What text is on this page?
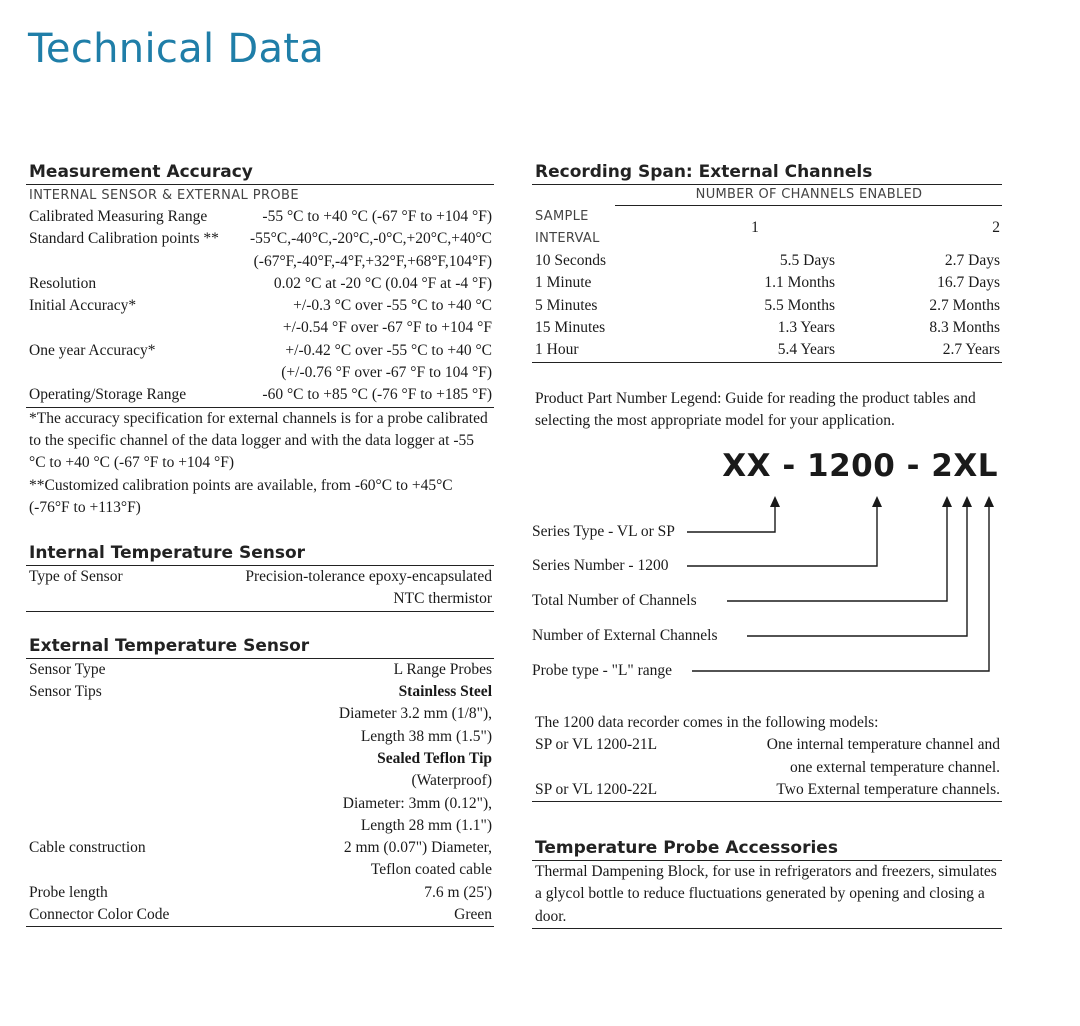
Technical Data
Measurement Accuracy
INTERNAL SENSOR & EXTERNAL PROBE
Calibrated Measuring Range	-55 °C to +40 °C (-67 °F to +104 °F)
Standard Calibration points ** -55°C,-40°C,-20°C,-0°C,+20°C,+40°C
(-67°F,-40°F,-4°F,+32°F,+68°F,104°F)
Resolution	0.02 °C at -20 °C (0.04 °F at -4 °F)
Initial Accuracy*	+/-0.3 °C over -55 °C to +40 °C
+/-0.54 °F over -67 °F to +104 °F
One year Accuracy*	+/-0.42 °C over -55 °C to +40 °C
(+/-0.76 °F over -67 °F to 104 °F)
Operating/Storage Range	-60 °C to +85 °C (-76 °F to +185 °F)
*The accuracy specification for external channels is for a probe calibrated to the specific channel of the data logger and with the data logger at -55 °C to +40 °C (-67 °F to +104 °F)
**Customized calibration points are available, from -60°C to +45°C (-76°F to +113°F)
Internal Temperature Sensor
Type of Sensor	Precision-tolerance epoxy-encapsulated
NTC thermistor
External Temperature Sensor
Sensor Type	L Range Probes
Sensor Tips	Stainless Steel
Diameter 3.2 mm (1/8"),
Length 38 mm (1.5")
Sealed Teflon Tip
(Waterproof)
Diameter: 3mm (0.12"),
Length 28 mm (1.1")
Cable construction	2 mm (0.07") Diameter,
Teflon coated cable
Probe length	7.6 m (25')
Connector Color Code	Green
Recording Span: External Channels
	NUMBER OF CHANNELS ENABLED	
SAMPLE INTERVAL	1	2
10 Seconds	5.5 Days	2.7 Days
1 Minute	1.1 Months	16.7 Days
5 Minutes	5.5 Months	2.7 Months
15 Minutes	1.3 Years	8.3 Months
1 Hour	5.4 Years	2.7 Years
Product Part Number Legend: Guide for reading the product tables and selecting the most appropriate model for your application.
XX - 1200 - 2XL
Series Type - VL or SP
Series Number - 1200
Total Number of Channels
Number of External Channels
Probe type - "L" range
The 1200 data recorder comes in the following models:
SP or VL 1200-21L	One internal temperature channel and
one external temperature channel.
SP or VL 1200-22L	Two External temperature channels.
Temperature Probe Accessories
Thermal Dampening Block, for use in refrigerators and freezers, simulates a glycol bottle to reduce fluctuations generated by opening and closing a door.
